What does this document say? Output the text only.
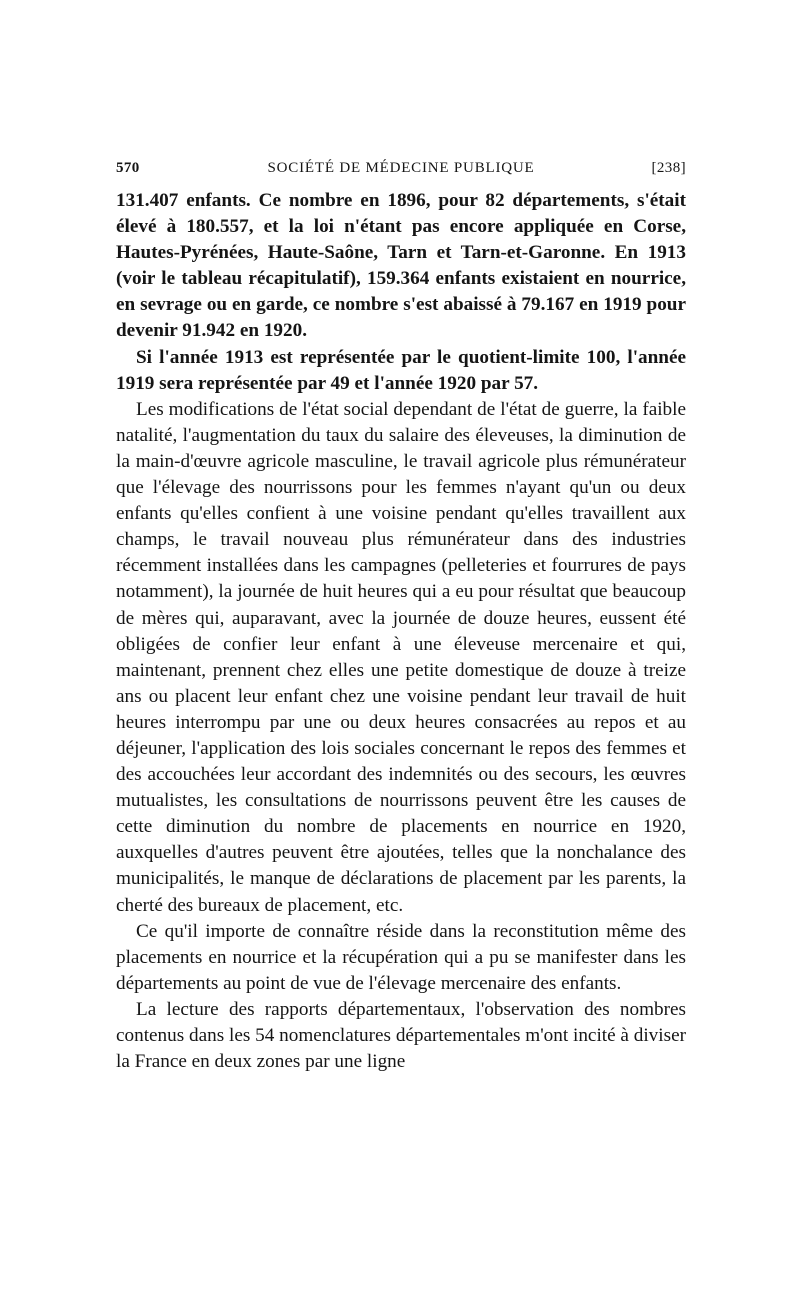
570	SOCIÉTÉ DE MÉDECINE PUBLIQUE	[238]

131.407 enfants. Ce nombre en 1896, pour 82 départements, s'était élevé à 180.557, et la loi n'étant pas encore appliquée en Corse, Hautes-Pyrénées, Haute-Saône, Tarn et Tarn-et-Garonne. En 1913 (voir le tableau récapitulatif), 159.364 enfants existaient en nourrice, en sevrage ou en garde, ce nombre s'est abaissé à 79.167 en 1919 pour devenir 91.942 en 1920.

Si l'année 1913 est représentée par le quotient-limite 100, l'année 1919 sera représentée par 49 et l'année 1920 par 57.

Les modifications de l'état social dependant de l'état de guerre, la faible natalité, l'augmentation du taux du salaire des éleveuses, la diminution de la main-d'œuvre agricole masculine, le travail agricole plus rémunérateur que l'élevage des nourrissons pour les femmes n'ayant qu'un ou deux enfants qu'elles confient à une voisine pendant qu'elles travaillent aux champs, le travail nouveau plus rémunérateur dans des industries récemment installées dans les campagnes (pelleteries et fourrures de pays notamment), la journée de huit heures qui a eu pour résultat que beaucoup de mères qui, auparavant, avec la journée de douze heures, eussent été obligées de confier leur enfant à une éleveuse mercenaire et qui, maintenant, prennent chez elles une petite domestique de douze à treize ans ou placent leur enfant chez une voisine pendant leur travail de huit heures interrompu par une ou deux heures consacrées au repos et au déjeuner, l'application des lois sociales concernant le repos des femmes et des accouchées leur accordant des indemnités ou des secours, les œuvres mutualistes, les consultations de nourrissons peuvent être les causes de cette diminution du nombre de placements en nourrice en 1920, auxquelles d'autres peuvent être ajoutées, telles que la nonchalance des municipalités, le manque de déclarations de placement par les parents, la cherté des bureaux de placement, etc.

Ce qu'il importe de connaître réside dans la reconstitution même des placements en nourrice et la récupération qui a pu se manifester dans les départements au point de vue de l'élevage mercenaire des enfants.

La lecture des rapports départementaux, l'observation des nombres contenus dans les 54 nomenclatures départementales m'ont incité à diviser la France en deux zones par une ligne
